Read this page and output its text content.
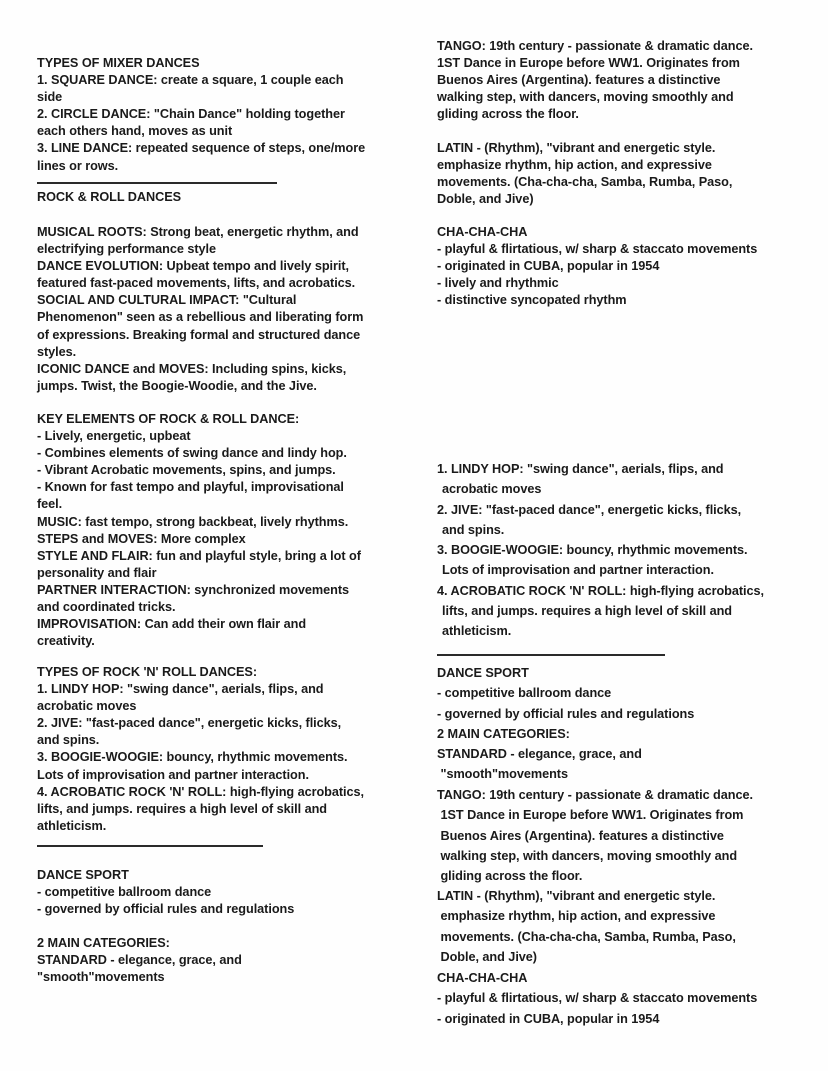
TYPES OF MIXER DANCES
1. SQUARE DANCE: create a square, 1 couple each
side
2. CIRCLE DANCE: "Chain Dance" holding together
each others hand, moves as unit
3. LINE DANCE: repeated sequence of steps, one/more
lines or rows.
ROCK & ROLL DANCES
MUSICAL ROOTS: Strong beat, energetic rhythm, and
electrifying performance style
DANCE EVOLUTION: Upbeat tempo and lively spirit,
featured fast-paced movements, lifts, and acrobatics.
SOCIAL AND CULTURAL IMPACT: "Cultural
Phenomenon" seen as a rebellious and liberating form
of expressions. Breaking formal and structured dance
styles.
ICONIC DANCE and MOVES: Including spins, kicks,
jumps. Twist, the Boogie-Woodie, and the Jive.
KEY ELEMENTS OF ROCK & ROLL DANCE:
- Lively, energetic, upbeat
- Combines elements of swing dance and lindy hop.
- Vibrant Acrobatic movements, spins, and jumps.
- Known for fast tempo and playful, improvisational
feel.
MUSIC: fast tempo, strong backbeat, lively rhythms.
STEPS and MOVES: More complex
STYLE AND FLAIR: fun and playful style, bring a lot of
personality and flair
PARTNER INTERACTION: synchronized movements
and coordinated tricks.
IMPROVISATION: Can add their own flair and
creativity.
TYPES OF ROCK 'N' ROLL DANCES:
1. LINDY HOP: "swing dance", aerials, flips, and
acrobatic moves
2. JIVE: "fast-paced dance", energetic kicks, flicks,
and spins.
3. BOOGIE-WOOGIE: bouncy, rhythmic movements.
Lots of improvisation and partner interaction.
4. ACROBATIC ROCK 'N' ROLL: high-flying acrobatics,
lifts, and jumps. requires a high level of skill and
athleticism.
DANCE SPORT
- competitive ballroom dance
- governed by official rules and regulations
2 MAIN CATEGORIES:
STANDARD - elegance, grace, and
"smooth"movements
TANGO: 19th century - passionate & dramatic dance.
1ST Dance in Europe before WW1. Originates from
Buenos Aires (Argentina). features a distinctive
walking step, with dancers, moving smoothly and
gliding across the floor.
LATIN - (Rhythm), "vibrant and energetic style.
emphasize rhythm, hip action, and expressive
movements. (Cha-cha-cha, Samba, Rumba, Paso,
Doble, and Jive)
CHA-CHA-CHA
- playful & flirtatious, w/ sharp & staccato movements
- originated in CUBA, popular in 1954
- lively and rhythmic
- distinctive syncopated rhythm
1. LINDY HOP: "swing dance", aerials, flips, and
acrobatic moves
2. JIVE: "fast-paced dance", energetic kicks, flicks,
and spins.
3. BOOGIE-WOOGIE: bouncy, rhythmic movements.
Lots of improvisation and partner interaction.
4. ACROBATIC ROCK 'N' ROLL: high-flying acrobatics,
lifts, and jumps. requires a high level of skill and
athleticism.
DANCE SPORT
- competitive ballroom dance
- governed by official rules and regulations
2 MAIN CATEGORIES:
STANDARD - elegance, grace, and
"smooth"movements
TANGO: 19th century - passionate & dramatic dance.
1ST Dance in Europe before WW1. Originates from
Buenos Aires (Argentina). features a distinctive
walking step, with dancers, moving smoothly and
gliding across the floor.
LATIN - (Rhythm), "vibrant and energetic style.
emphasize rhythm, hip action, and expressive
movements. (Cha-cha-cha, Samba, Rumba, Paso,
Doble, and Jive)
CHA-CHA-CHA
- playful & flirtatious, w/ sharp & staccato movements
- originated in CUBA, popular in 1954
